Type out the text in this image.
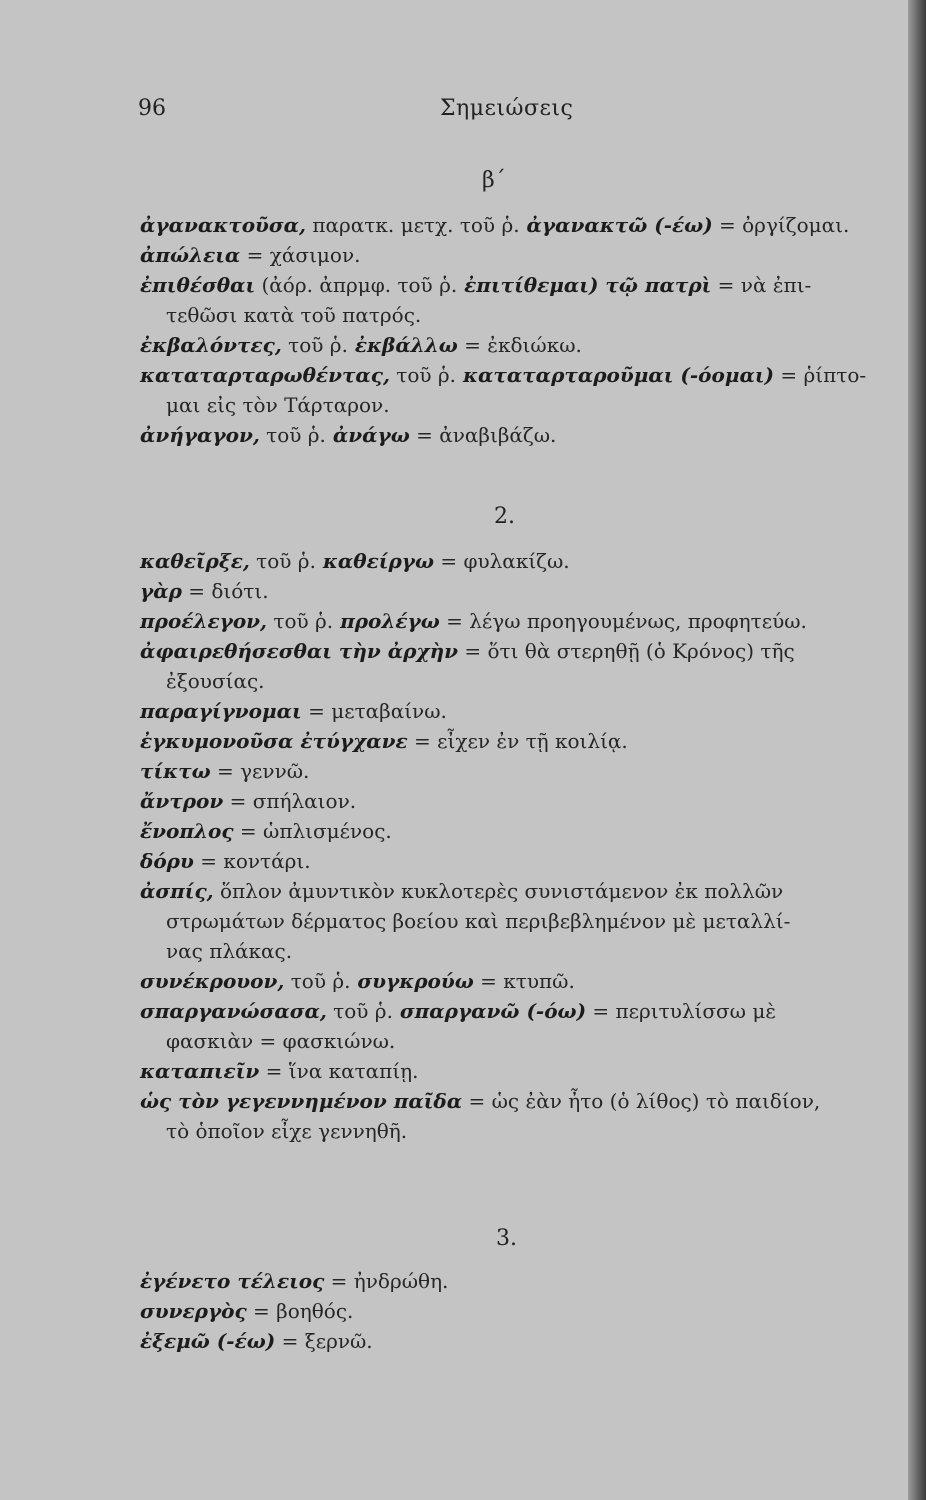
96	Σημειώσεις
β΄
ἀγανακτοῦσα, παρατκ. μετχ. τοῦ ῥ. ἀγανακτῶ (-έω) = ὀργίζομαι.
ἀπώλεια = χάσιμον.
ἐπιθέσθαι (ἀόρ. ἀπρμφ. τοῦ ῥ. ἐπιτίθεμαι) τῷ πατρὶ = νὰ ἐπι-
τεθῶσι κατὰ τοῦ πατρός.
ἐκβαλόντες, τοῦ ῥ. ἐκβάλλω = ἐκδιώκω.
καταταρταρωθέντας, τοῦ ῥ. καταταρταροῦμαι (-όομαι) = ῥίπτο-
μαι εἰς τὸν Τάρταρον.
ἀνήγαγον, τοῦ ῥ. ἀνάγω = ἀναβιβάζω.
2.
καθεῖρξε, τοῦ ῥ. καθείργω = φυλακίζω.
γὰρ = διότι.
προέλεγον, τοῦ ῥ. προλέγω = λέγω προηγουμένως, προφητεύω.
ἀφαιρεθήσεσθαι τὴν ἀρχὴν = ὅτι θὰ στερηθῇ (ὁ Κρόνος) τῆς
ἐξουσίας.
παραγίγνομαι = μεταβαίνω.
ἐγκυμονοῦσα ἐτύγχανε = εἶχεν ἐν τῇ κοιλίᾳ.
τίκτω = γεννῶ.
ἄντρον = σπήλαιον.
ἔνοπλος = ὡπλισμένος.
δόρυ = κοντάρι.
ἀσπίς, ὅπλον ἀμυντικὸν κυκλοτερὲς συνιστάμενον ἐκ πολλῶν
στρωμάτων δέρματος βοείου καὶ περιβεβλημένον μὲ μεταλλί-
νας πλάκας.
συνέκρουον, τοῦ ῥ. συγκρούω = κτυπῶ.
σπαργανώσασα, τοῦ ῥ. σπαργανῶ (-όω) = περιτυλίσσω μὲ
φασκιὰν = φασκιώνω.
καταπιεῖν = ἵνα καταπίῃ.
ὡς τὸν γεγεννημένον παῖδα = ὡς ἐὰν ἦτο (ὁ λίθος) τὸ παιδίον,
τὸ ὁποῖον εἶχε γεννηθῆ.
3.
ἐγένετο τέλειος = ἠνδρώθη.
συνεργὸς = βοηθός.
ἐξεμῶ (-έω) = ξερνῶ.
